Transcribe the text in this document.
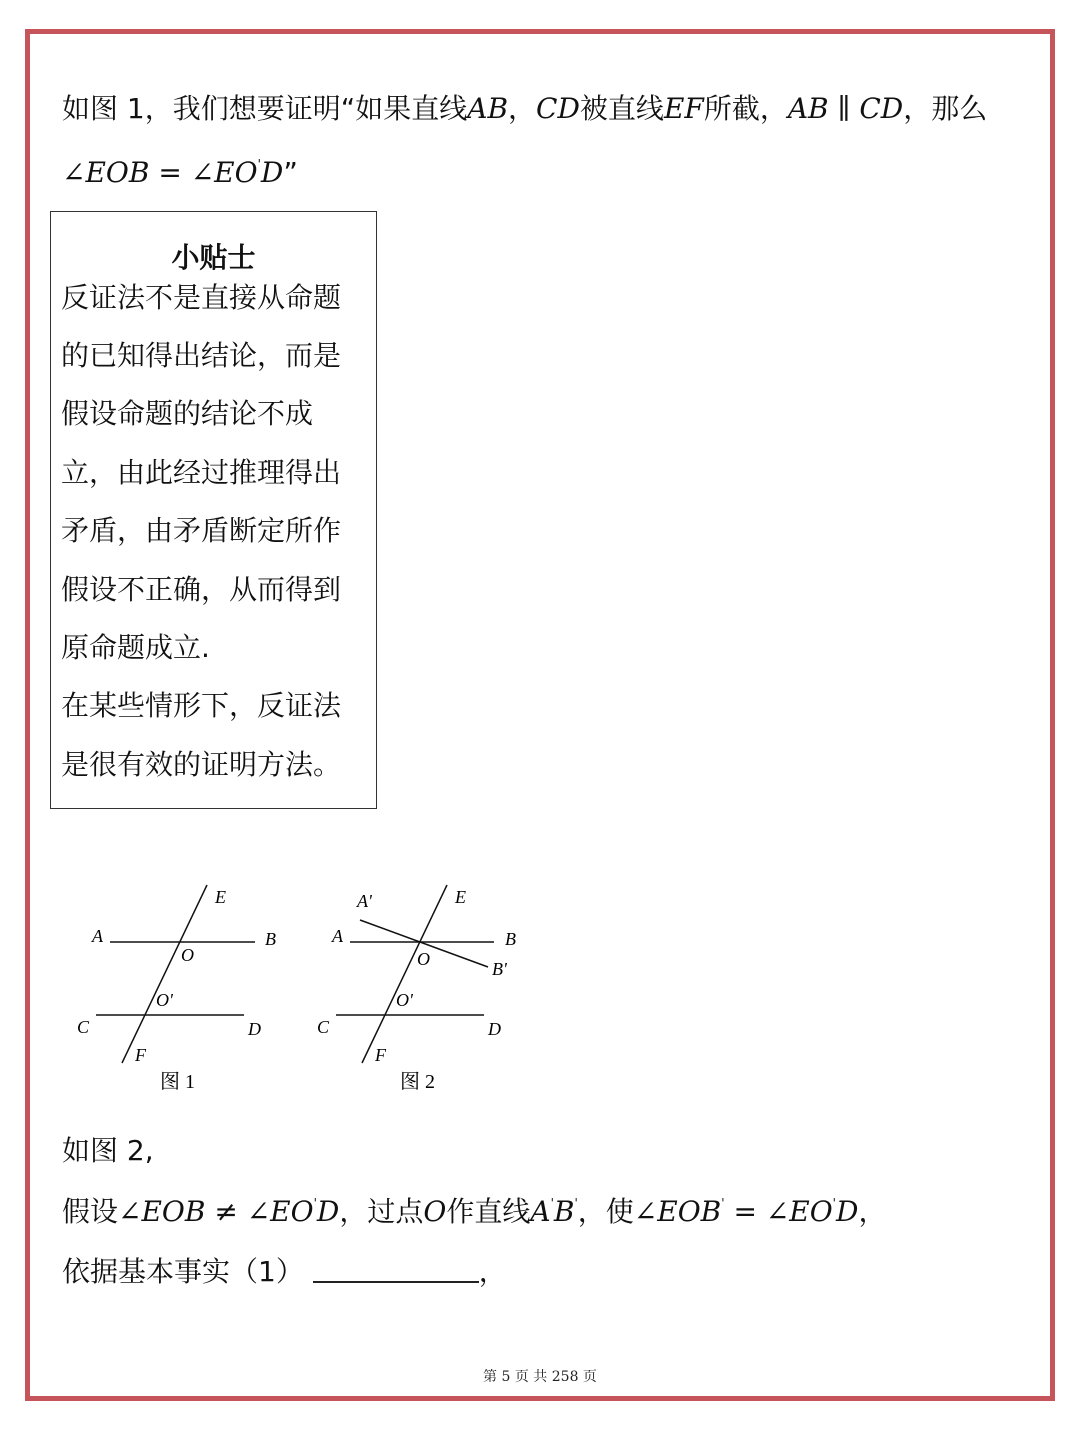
如图 1，我们想要证明“如果直线AB，CD被直线EF所截，AB ∥ CD，那么
∠EOB = ∠EO'D”
小贴士
反证法不是直接从命题
的已知得出结论，而是
假设命题的结论不成
立，由此经过推理得出
矛盾，由矛盾断定所作
假设不正确，从而得到
原命题成立.
在某些情形下，反证法
是很有效的证明方法。
E
A	B
O
O'
C	D
F
图 1
A'	E
A	B
O	B'
O'
C	D
F
图 2
如图 2,
假设∠EOB ≠ ∠EO'D，过点O作直线A'B'，使∠EOB' = ∠EO'D，
依据基本事实（1）	，
第 5 页 共 258 页
